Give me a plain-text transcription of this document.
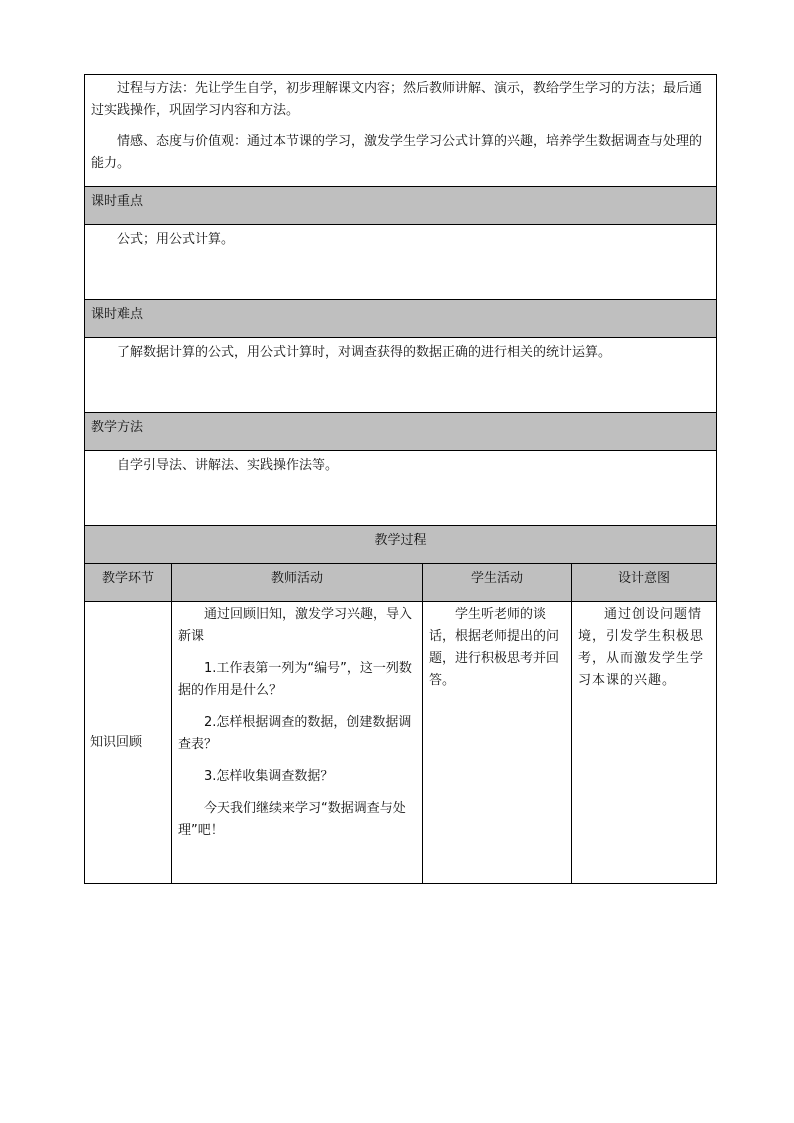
过程与方法：先让学生自学，初步理解课文内容；然后教师讲解、演示，教给学生学习的方法；最后通过实践操作，巩固学习内容和方法。

情感、态度与价值观：通过本节课的学习，激发学生学习公式计算的兴趣，培养学生数据调查与处理的能力。			

课时重点			

公式；用公式计算。			

课时难点			

了解数据计算的公式，用公式计算时，对调查获得的数据正确的进行相关的统计运算。			

教学方法			

自学引导法、讲解法、实践操作法等。			

教学过程			
教学环节	教师活动	学生活动	设计意图
知识回顾	通过回顾旧知，激发学习兴趣，导入新课

1.工作表第一列为“编号”，这一列数据的作用是什么？

2.怎样根据调查的数据，创建数据调查表？

3.怎样收集调查数据？

今天我们继续来学习“数据调查与处理”吧！	学生听老师的谈话，根据老师提出的问题，进行积极思考并回答。	通过创设问题情境，引发学生积极思考，从而激发学生学习本课的兴趣。
